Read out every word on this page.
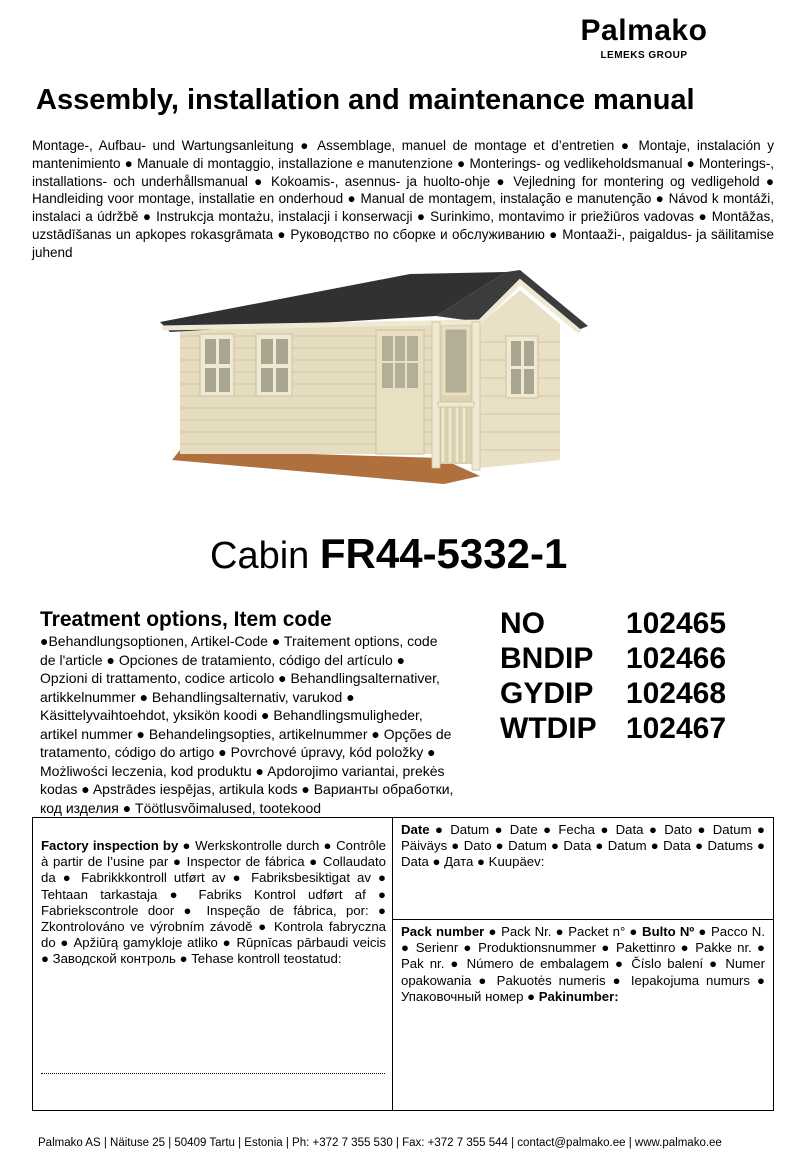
Palmako
LEMEKS GROUP
Assembly, installation and maintenance manual
Montage-, Aufbau- und Wartungsanleitung ● Assemblage, manuel de montage et d’entretien ● Montaje, instalación y mantenimiento ● Manuale di montaggio, installazione e manutenzione ● Monterings- og vedlikeholdsmanual ● Monterings-, installations- och underhållsmanual ● Kokoamis-, asennus- ja huolto-ohje ● Vejledning for montering og vedligehold ● Handleiding voor montage, installatie en onderhoud ● Manual de montagem, instalação e manutenção ● Návod k montáži, instalaci a údržbě ● Instrukcja montażu, instalacji i konserwacji ● Surinkimo, montavimo ir priežiūros vadovas ● Montāžas, uzstādīšanas un apkopes rokasgrāmata ● Руководство по сборке и обслуживанию ● Montaaži-, paigaldus- ja säilitamise juhend
Cabin FR44-5332-1
Treatment options, Item code
●Behandlungsoptionen, Artikel-Code ● Traitement options, code de l'article ● Opciones de tratamiento, código del artículo ● Opzioni di trattamento, codice articolo ● Behandlingsalternativer, artikkelnummer ● Behandlingsalternativ, varukod ● Käsittelyvaihtoehdot, yksikön koodi ● Behandlingsmuligheder, artikel nummer ● Behandelingsopties, artikelnummer ● Opções de tratamento, código do artigo ● Povrchové úpravy, kód položky ● Możliwości leczenia, kod produktu ● Apdorojimo variantai, prekės kodas ● Apstrādes iespējas, artikula kods ● Варианты обработки, код изделия ● Töötlusvõimalused, tootekood
NO	102465
BNDIP 102466
GYDIP 102468
WTDIP 102467
Factory inspection by ● Werkskontrolle durch ● Contrôle à partir de l’usine par ● Inspector de fábrica ● Collaudato da ● Fabrikkkontroll utført av ● Fabriksbesiktigat av ● Tehtaan tarkastaja ● Fabriks Kontrol udført af ● Fabriekscontrole door ● Inspeção de fábrica, por: ● Zkontrolováno ve výrobním závodě ● Kontrola fabryczna do ● Apžiūrą gamykloje atliko ● Rūpnīcas pārbaudi veicis ● Заводской контроль ● Tehase kontroll teostatud:
Date ● Datum ● Date ● Fecha ● Data ● Dato ● Datum ● Päiväys ● Dato ● Datum ● Data ● Datum ● Data ● Datums ● Data ● Дата ● Kuupäev:
Pack number ● Pack Nr. ● Packet n° ● Bulto Nº ● Pacco N. ● Serienr ● Produktionsnummer ● Pakettinro ● Pakke nr. ● Pak nr. ● Número de embalagem ● Číslo balení ● Numer opakowania ● Pakuotės numeris ● Iepakojuma numurs ● Упаковочный номер ● Pakinumber:
Palmako AS | Näituse 25 | 50409 Tartu | Estonia | Ph: +372 7 355 530 | Fax: +372 7 355 544 | contact@palmako.ee | www.palmako.ee
